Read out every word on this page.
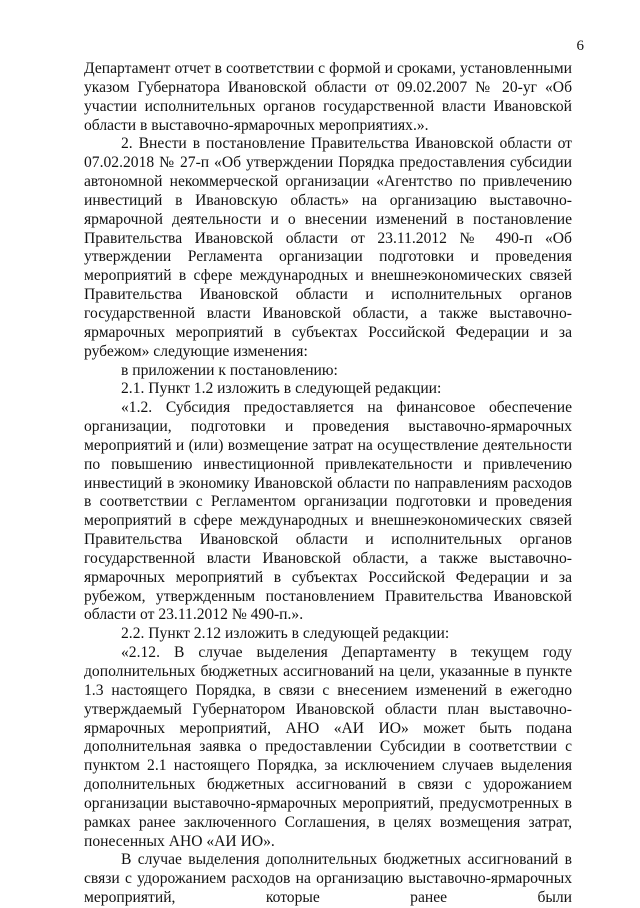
6

Департамент отчет в соответствии с формой и сроками, установленными указом Губернатора Ивановской области от 09.02.2007 № 20-уг «Об участии исполнительных органов государственной власти Ивановской области в выставочно-ярмарочных мероприятиях.».

2. Внести в постановление Правительства Ивановской области от 07.02.2018 № 27-п «Об утверждении Порядка предоставления субсидии автономной некоммерческой организации «Агентство по привлечению инвестиций в Ивановскую область» на организацию выставочно-ярмарочной деятельности и о внесении изменений в постановление Правительства Ивановской области от 23.11.2012 № 490-п «Об утверждении Регламента организации подготовки и проведения мероприятий в сфере международных и внешнеэкономических связей Правительства Ивановской области и исполнительных органов государственной власти Ивановской области, а также выставочно-ярмарочных мероприятий в субъектах Российской Федерации и за рубежом» следующие изменения:

в приложении к постановлению:

2.1. Пункт 1.2 изложить в следующей редакции:

«1.2. Субсидия предоставляется на финансовое обеспечение организации, подготовки и проведения выставочно-ярмарочных мероприятий и (или) возмещение затрат на осуществление деятельности по повышению инвестиционной привлекательности и привлечению инвестиций в экономику Ивановской области по направлениям расходов в соответствии с Регламентом организации подготовки и проведения мероприятий в сфере международных и внешнеэкономических связей Правительства Ивановской области и исполнительных органов государственной власти Ивановской области, а также выставочно-ярмарочных мероприятий в субъектах Российской Федерации и за рубежом, утвержденным постановлением Правительства Ивановской области от 23.11.2012 № 490-п.».

2.2. Пункт 2.12 изложить в следующей редакции:

«2.12. В случае выделения Департаменту в текущем году дополнительных бюджетных ассигнований на цели, указанные в пункте 1.3 настоящего Порядка, в связи с внесением изменений в ежегодно утверждаемый Губернатором Ивановской области план выставочно-ярмарочных мероприятий, АНО «АИ ИО» может быть подана дополнительная заявка о предоставлении Субсидии в соответствии с пунктом 2.1 настоящего Порядка, за исключением случаев выделения дополнительных бюджетных ассигнований в связи с удорожанием организации выставочно-ярмарочных мероприятий, предусмотренных в рамках ранее заключенного Соглашения, в целях возмещения затрат, понесенных АНО «АИ ИО».

В случае выделения дополнительных бюджетных ассигнований в связи с удорожанием расходов на организацию выставочно-ярмарочных мероприятий, которые ранее были
